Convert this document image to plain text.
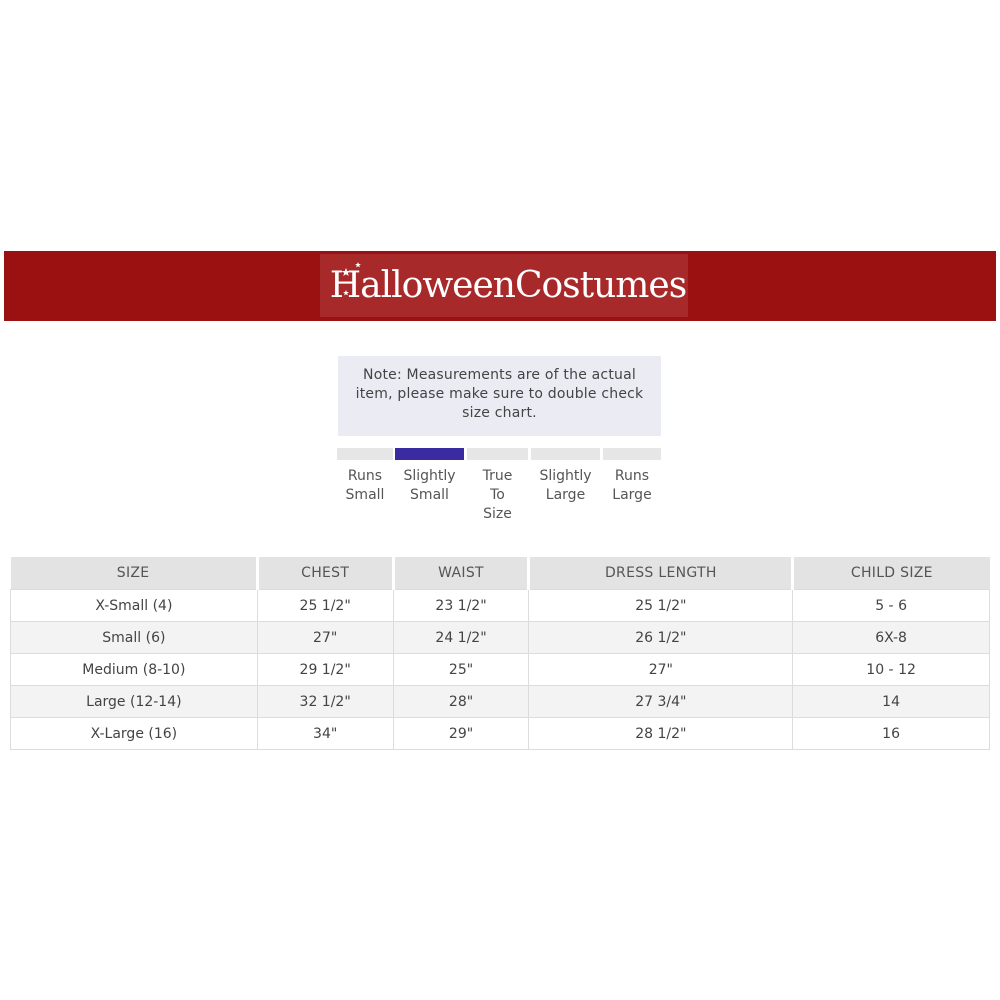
HalloweenCostumes
Note: Measurements are of the actual item, please make sure to double check size chart.
Runs Small
Slightly Small
True To Size
Slightly Large
Runs Large
SIZE	CHEST	WAIST	DRESS LENGTH	CHILD SIZE
X-Small (4)	25 1/2"	23 1/2"	25 1/2"	5 - 6
Small (6)	27"	24 1/2"	26 1/2"	6X-8
Medium (8-10)	29 1/2"	25"	27"	10 - 12
Large (12-14)	32 1/2"	28"	27 3/4"	14
X-Large (16)	34"	29"	28 1/2"	16
